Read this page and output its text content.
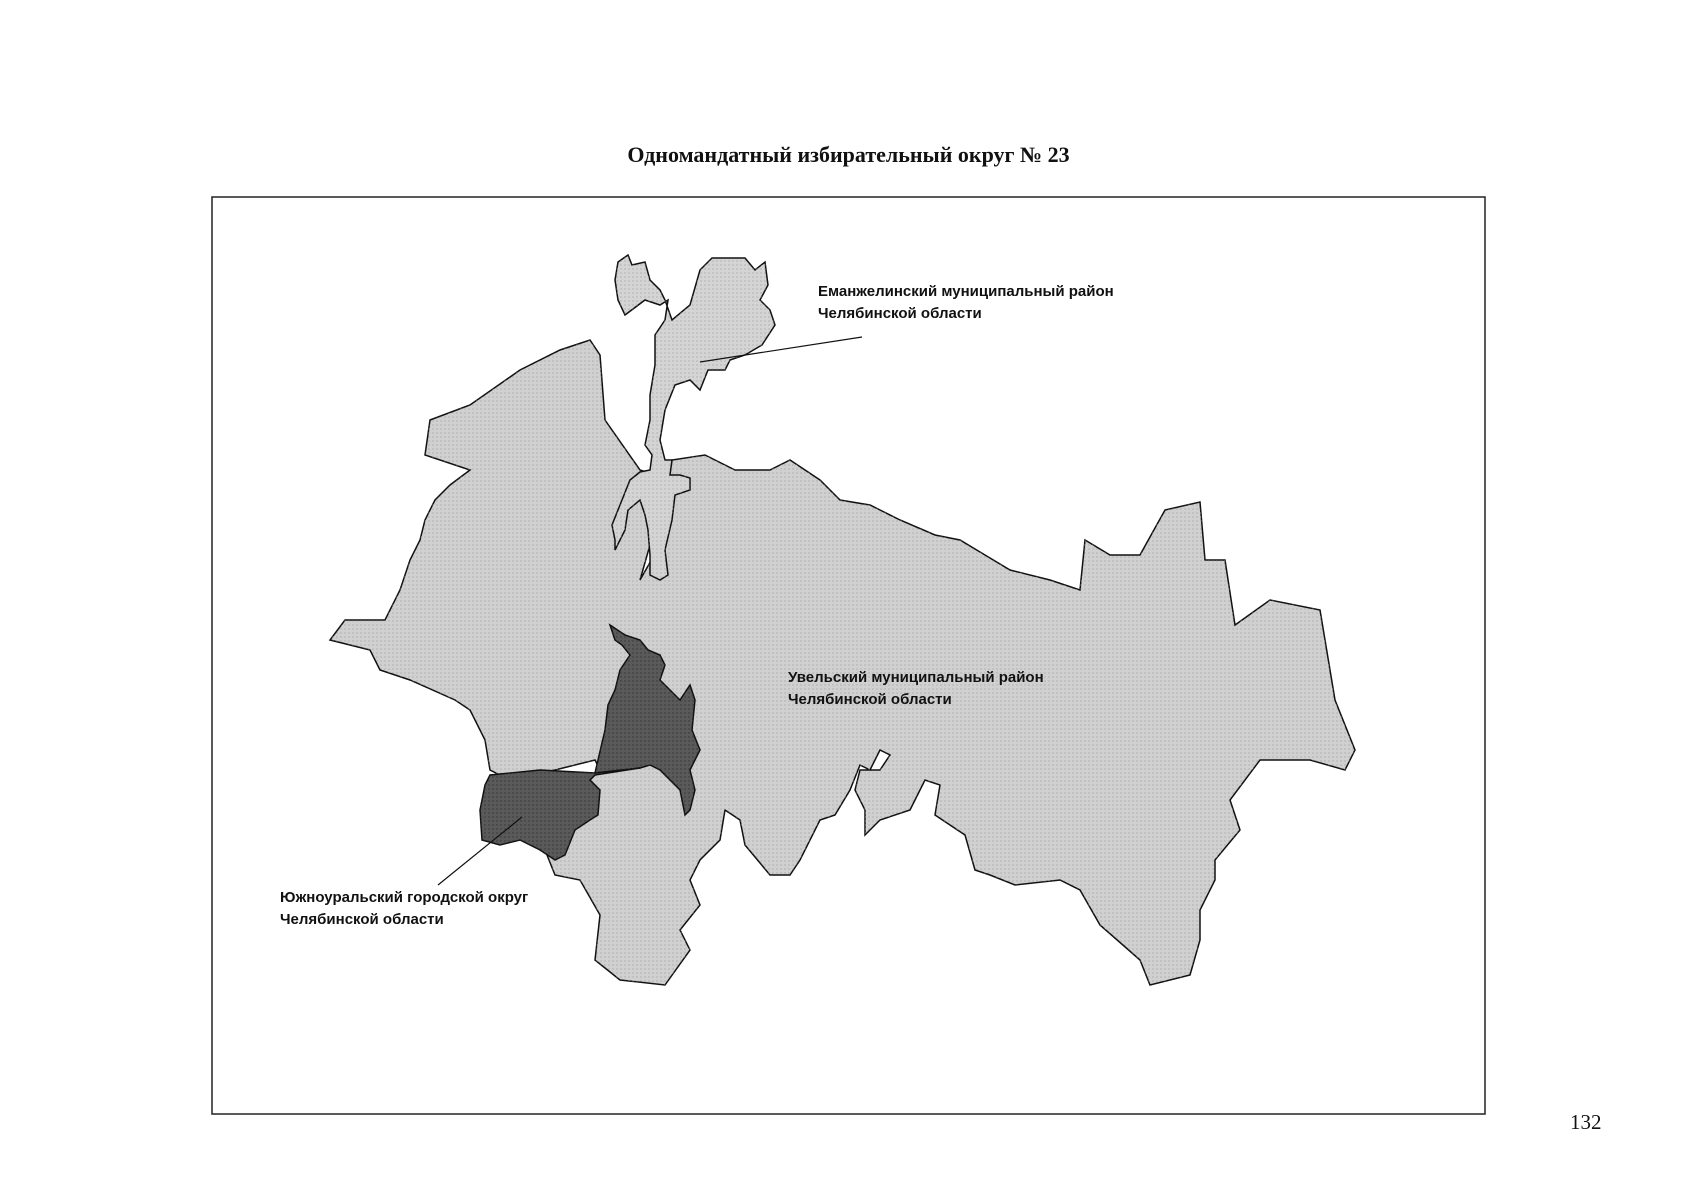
Одномандатный избирательный округ № 23
Еманжелинский муниципальный район
Челябинской области
Увельский муниципальный район
Челябинской области
Южноуральский городской округ
Челябинской области
132
